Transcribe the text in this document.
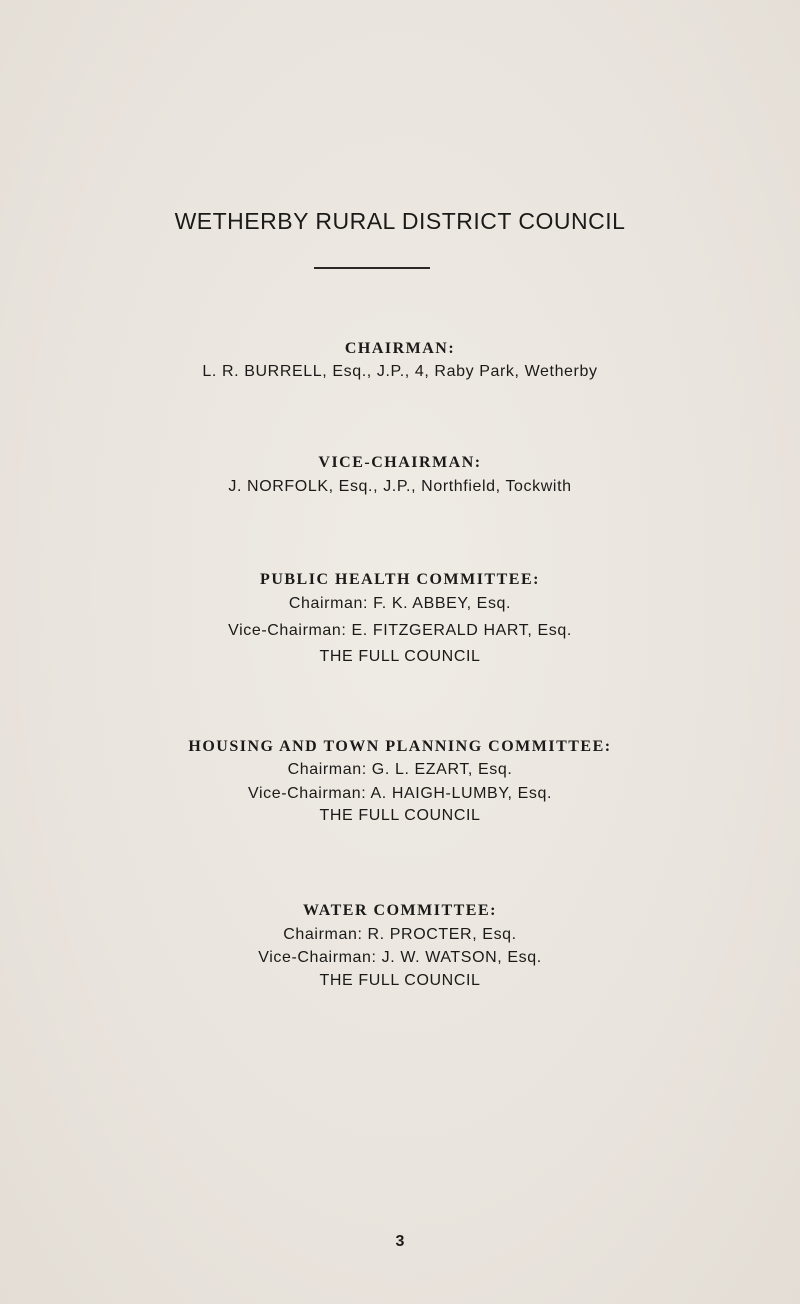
WETHERBY RURAL DISTRICT COUNCIL
CHAIRMAN:
L. R. BURRELL, Esq., J.P., 4, Raby Park, Wetherby
VICE-CHAIRMAN:
J. NORFOLK, Esq., J.P., Northfield, Tockwith
PUBLIC HEALTH COMMITTEE:
Chairman: F. K. ABBEY, Esq.
Vice-Chairman: E. FITZGERALD HART, Esq.
THE FULL COUNCIL
HOUSING AND TOWN PLANNING COMMITTEE:
Chairman: G. L. EZART, Esq.
Vice-Chairman: A. HAIGH-LUMBY, Esq.
THE FULL COUNCIL
WATER COMMITTEE:
Chairman: R. PROCTER, Esq.
Vice-Chairman: J. W. WATSON, Esq.
THE FULL COUNCIL
3
